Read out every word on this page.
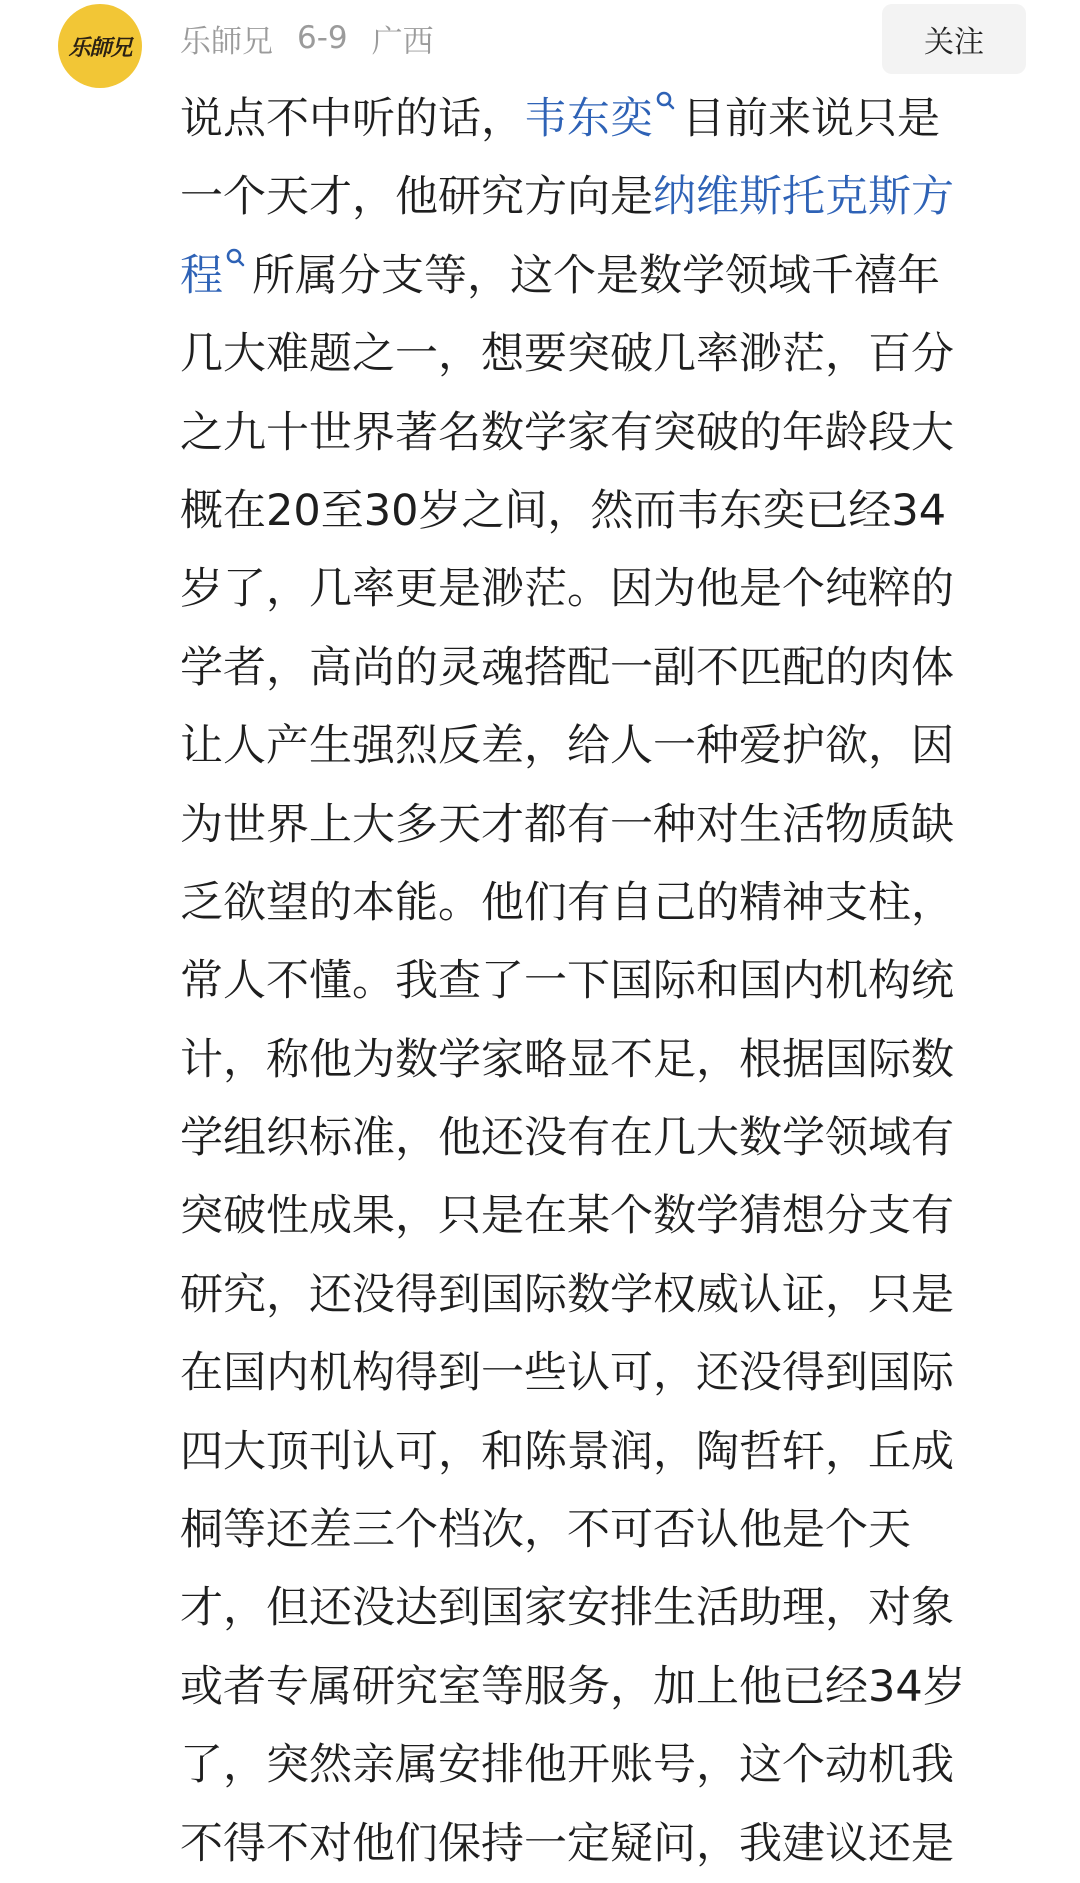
乐師兄 乐師兄 6-9 广西	关注
说点不中听的话，韦东奕 目前来说只是
一个天才，他研究方向是纳维斯托克斯方
程 所属分支等，这个是数学领域千禧年
几大难题之一，想要突破几率渺茫，百分
之九十世界著名数学家有突破的年龄段大
概在20至30岁之间，然而韦东奕已经34
岁了，几率更是渺茫。因为他是个纯粹的
学者，高尚的灵魂搭配一副不匹配的肉体
让人产生强烈反差，给人一种爱护欲，因
为世界上大多天才都有一种对生活物质缺
乏欲望的本能。他们有自己的精神支柱，
常人不懂。我查了一下国际和国内机构统
计，称他为数学家略显不足，根据国际数
学组织标准，他还没有在几大数学领域有
突破性成果，只是在某个数学猜想分支有
研究，还没得到国际数学权威认证，只是
在国内机构得到一些认可，还没得到国际
四大顶刊认可，和陈景润，陶哲轩，丘成
桐等还差三个档次，不可否认他是个天
才，但还没达到国家安排生活助理，对象
或者专属研究室等服务，加上他已经34岁
了，突然亲属安排他开账号，这个动机我
不得不对他们保持一定疑问，我建议还是
